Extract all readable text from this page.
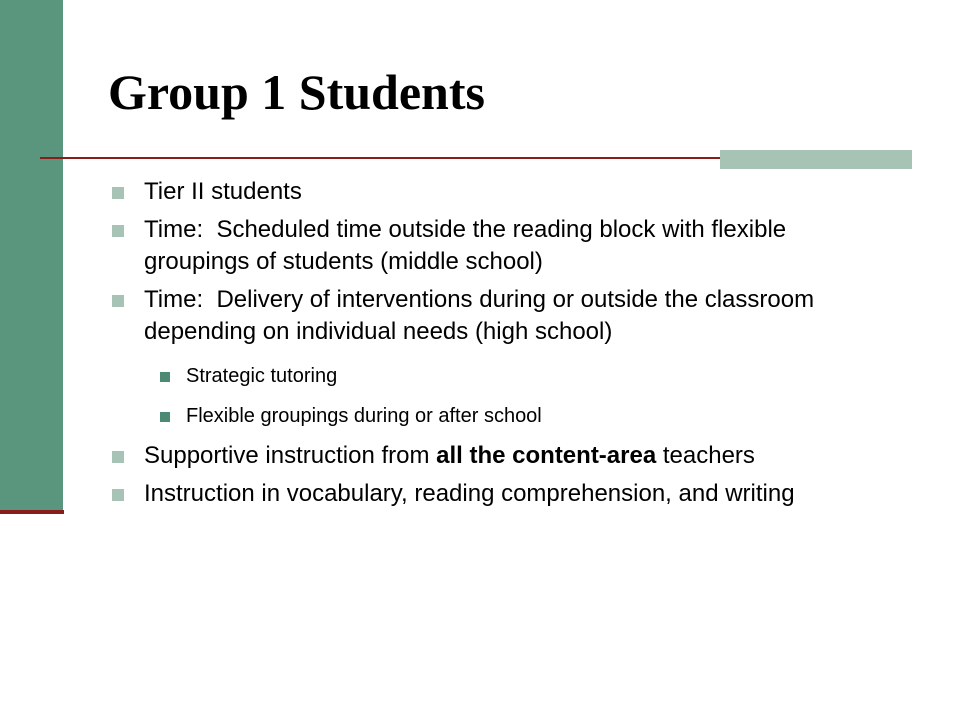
Group 1 Students
Tier II students
Time:  Scheduled time outside the reading block with flexible groupings of students (middle school)
Time:  Delivery of interventions during or outside the classroom depending on individual needs (high school)
Strategic tutoring
Flexible groupings during or after school
Supportive instruction from all the content-area teachers
Instruction in vocabulary, reading comprehension, and writing
